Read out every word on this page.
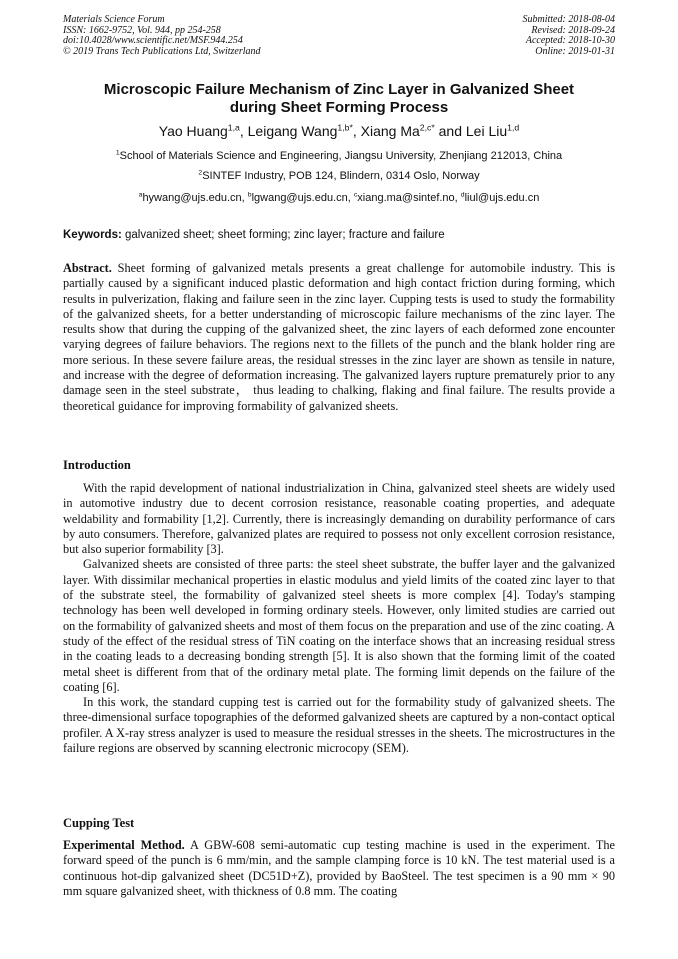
Materials Science Forum
ISSN: 1662-9752, Vol. 944, pp 254-258
doi:10.4028/www.scientific.net/MSF.944.254
© 2019 Trans Tech Publications Ltd, Switzerland
Submitted: 2018-08-04
Revised: 2018-09-24
Accepted: 2018-10-30
Online: 2019-01-31
Microscopic Failure Mechanism of Zinc Layer in Galvanized Sheet
during Sheet Forming Process
Yao Huang$^{1,a}$, Leigang Wang$^{1,b*}$, Xiang $Ma^{2,c*}$ and Lei Liu$^{1,d}$
$^1$School of Materials Science and Engineering, Jiangsu University, Zhenjiang 212013, China
$^2$SINTEF Industry, POB 124, Blindern, 0314 Oslo, Norway
$^a$hywang@ujs.edu.cn, $^b$lgwang@ujs.edu.cn, $^c$xiang.ma@sintef.no, $^d$liul@ujs.edu.cn
Keywords: galvanized sheet; sheet forming; zinc layer; fracture and failure
Abstract. Sheet forming of galvanized metals presents a great challenge for automobile industry. This is partially caused by a significant induced plastic deformation and high contact friction during forming, which results in pulverization, flaking and failure seen in the zinc layer. Cupping tests is used to study the formability of the galvanized sheets, for a better understanding of microscopic failure mechanisms of the zinc layer. The results show that during the cupping of the galvanized sheet, the zinc layers of each deformed zone encounter varying degrees of failure behaviors. The regions next to the fillets of the punch and the blank holder ring are more serious. In these severe failure areas, the residual stresses in the zinc layer are shown as tensile in nature, and increase with the degree of deformation increasing. The galvanized layers rupture prematurely prior to any damage seen in the steel substrate， thus leading to chalking, flaking and final failure. The results provide a theoretical guidance for improving formability of galvanized sheets.
Introduction

With the rapid development of national industrialization in China, galvanized steel sheets are widely used in automotive industry due to decent corrosion resistance, reasonable coating properties, and adequate weldability and formability [1,2]. Currently, there is increasingly demanding on durability performance of cars by auto consumers. Therefore, galvanized plates are required to possess not only excellent corrosion resistance, but also superior formability [3].

Galvanized sheets are consisted of three parts: the steel sheet substrate, the buffer layer and the galvanized layer. With dissimilar mechanical properties in elastic modulus and yield limits of the coated zinc layer to that of the substrate steel, the formability of galvanized steel sheets is more complex [4]. Today's stamping technology has been well developed in forming ordinary steels. However, only limited studies are carried out on the formability of galvanized sheets and most of them focus on the preparation and use of the zinc coating. A study of the effect of the residual stress of TiN coating on the interface shows that an increasing residual stress in the coating leads to a decreasing bonding strength [5]. It is also shown that the forming limit of the coated metal sheet is different from that of the ordinary metal plate. The forming limit depends on the failure of the coating [6].

In this work, the standard cupping test is carried out for the formability study of galvanized sheets. The three-dimensional surface topographies of the deformed galvanized sheets are captured by a non-contact optical profiler. A X-ray stress analyzer is used to measure the residual stresses in the sheets. The microstructures in the failure regions are observed by scanning electronic microcopy (SEM).

Cupping Test
Experimental Method. A GBW-608 semi-automatic cup testing machine is used in the experiment. The forward speed of the punch is 6 mm/min, and the sample clamping force is 10 kN. The test material used is a continuous hot-dip galvanized sheet (DC51D+Z), provided by BaoSteel. The test specimen is a 90 mm × 90 mm square galvanized sheet, with thickness of 0.8 mm. The coating
